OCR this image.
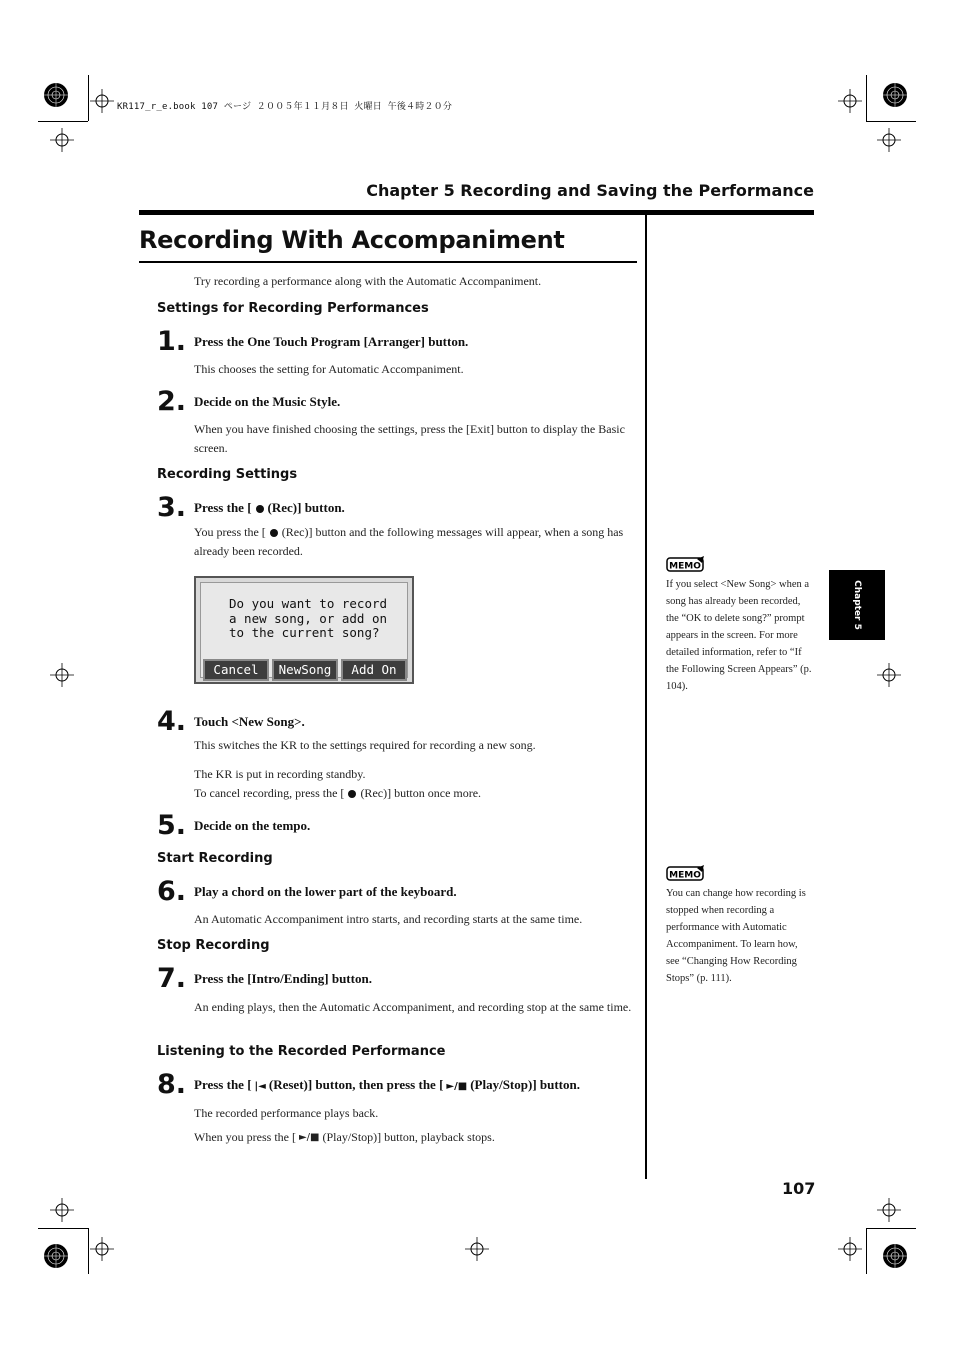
KR117_r_e.book 107 ページ ２００５年１１月８日 火曜日 午後４時２０分
Chapter 5 Recording and Saving the Performance
Recording With Accompaniment
Try recording a performance along with the Automatic Accompaniment.
Settings for Recording Performances
1. Press the One Touch Program [Arranger] button.
This chooses the setting for Automatic Accompaniment.
2. Decide on the Music Style.
When you have finished choosing the settings, press the [Exit] button to display the Basic screen.
Recording Settings
3. Press the [ (Rec)] button.
You press the [ (Rec)] button and the following messages will appear, when a song has already been recorded.
Do you want to record
a new song, or add on
to the current song?
Cancel	NewSong	Add On
4. Touch <New Song>.
This switches the KR to the settings required for recording a new song.
The KR is put in recording standby.
To cancel recording, press the [ (Rec)] button once more.
5. Decide on the tempo.
Start Recording
6. Play a chord on the lower part of the keyboard.
An Automatic Accompaniment intro starts, and recording starts at the same time.
Stop Recording
7. Press the [Intro/Ending] button.
An ending plays, then the Automatic Accompaniment, and recording stop at the same time.
Listening to the Recorded Performance
8. Press the [ |◄ (Reset)] button, then press the [ ►/■ (Play/Stop)] button.
The recorded performance plays back.
When you press the [ ►/■ (Play/Stop)] button, playback stops.
MEMO
If you select <New Song> when a song has already been recorded, the “OK to delete song?” prompt appears in the screen. For more detailed information, refer to “If the Following Screen Appears” (p. 104).
MEMO
You can change how recording is stopped when recording a performance with Automatic Accompaniment. To learn how, see “Changing How Recording Stops” (p. 111).
Chapter 5
107
